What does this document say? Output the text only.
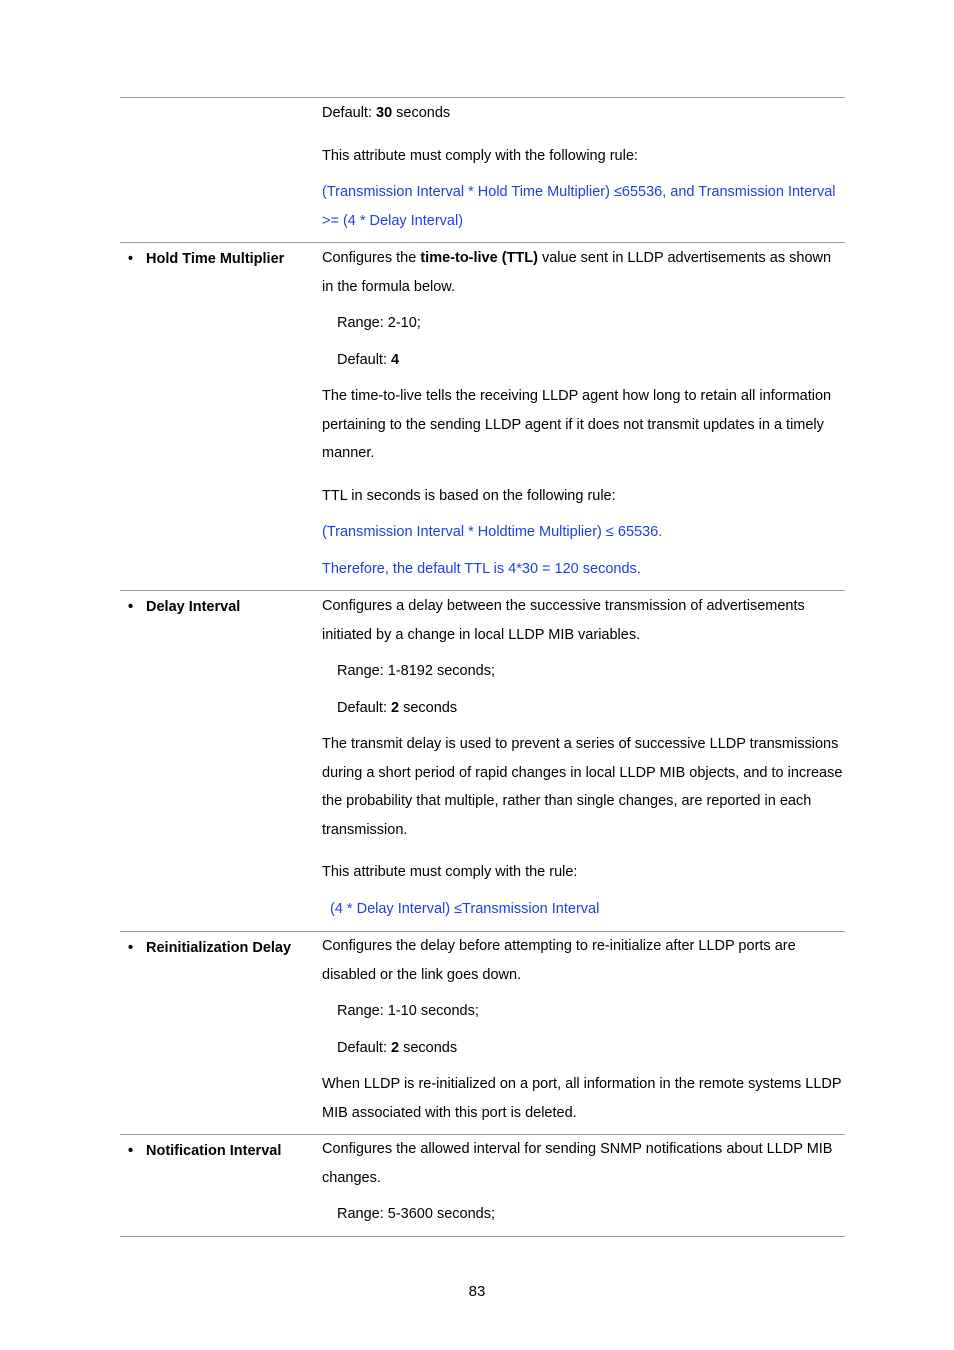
Default: 30 seconds

This attribute must comply with the following rule:

(Transmission Interval * Hold Time Multiplier) ≤65536, and Transmission Interval

>= (4 * Delay Interval)

• Hold Time Multiplier	Configures the time-to-live (TTL) value sent in LLDP advertisements as shown

in the formula below.

Range: 2-10;

Default: 4

The time-to-live tells the receiving LLDP agent how long to retain all information

pertaining to the sending LLDP agent if it does not transmit updates in a timely

manner.

TTL in seconds is based on the following rule:

(Transmission Interval * Holdtime Multiplier) ≤ 65536.

Therefore, the default TTL is 4*30 = 120 seconds.

• Delay Interval	Configures a delay between the successive transmission of advertisements

initiated by a change in local LLDP MIB variables.

Range: 1-8192 seconds;

Default: 2 seconds

The transmit delay is used to prevent a series of successive LLDP transmissions

during a short period of rapid changes in local LLDP MIB objects, and to increase

the probability that multiple, rather than single changes, are reported in each

transmission.

This attribute must comply with the rule:

(4 * Delay Interval) ≤Transmission Interval

• Reinitialization Delay	Configures the delay before attempting to re-initialize after LLDP ports are

disabled or the link goes down.

Range: 1-10 seconds;

Default: 2 seconds

When LLDP is re-initialized on a port, all information in the remote systems LLDP

MIB associated with this port is deleted.

• Notification Interval	Configures the allowed interval for sending SNMP notifications about LLDP MIB

changes.

Range: 5-3600 seconds;

83
